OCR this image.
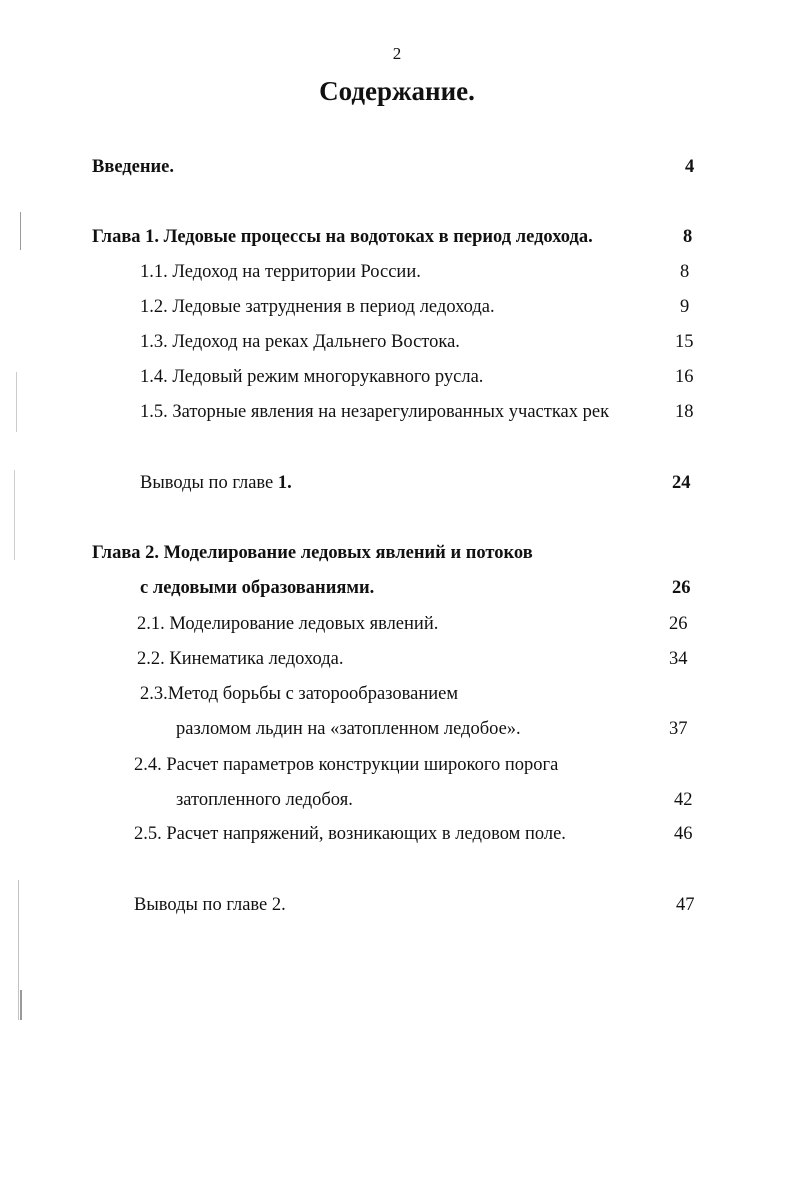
2
Содержание.
Введение.	4
Глава 1. Ледовые процессы на водотоках в период ледохода.	8
1.1. Ледоход на территории России.	8
1.2. Ледовые затруднения в период ледохода.	9
1.3. Ледоход на реках Дальнего Востока.	15
1.4. Ледовый режим многорукавного русла.	16
1.5. Заторные явления на незарегулированных участках рек	18
Выводы по главе 1.	24
Глава 2. Моделирование ледовых явлений и потоков
с ледовыми образованиями.	26
2.1. Моделирование ледовых явлений.	26
2.2. Кинематика ледохода.	34
2.3.Метод борьбы с заторообразованием
разломом льдин на «затопленном ледобое».	37
2.4. Расчет параметров конструкции широкого порога
затопленного ледобоя.	42
2.5. Расчет напряжений, возникающих в ледовом поле.	46
Выводы по главе 2.	47
